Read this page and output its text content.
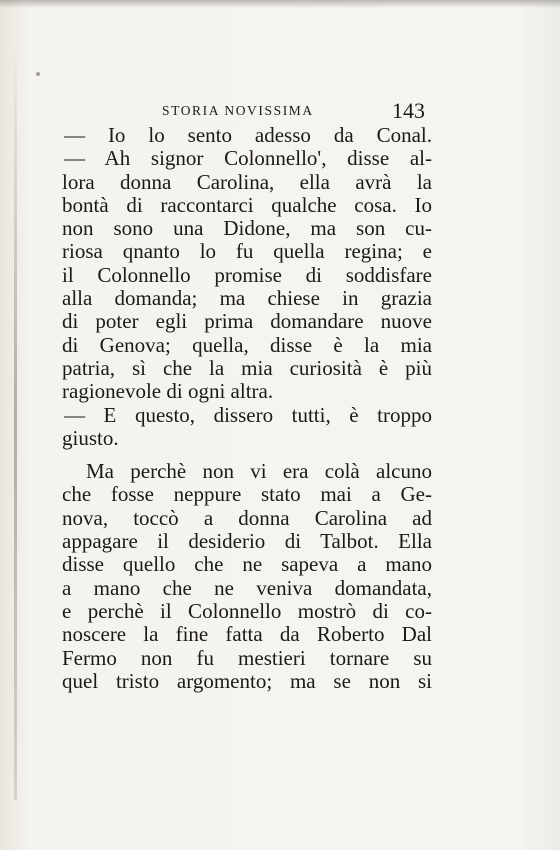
STORIA NOVISSIMA	143
— Io lo sento adesso da Conal.
— Ah signor Colonnello', disse al-
lora donna Carolina, ella avrà la
bontà di raccontarci qualche cosa. Io
non sono una Didone, ma son cu-
riosa qnanto lo fu quella regina; e
il Colonnello promise di soddisfare
alla domanda; ma chiese in grazia
di poter egli prima domandare nuove
di Genova; quella, disse è la mia
patria, sì che la mia curiosità è più
ragionevole di ogni altra.
— E questo, dissero tutti, è troppo
giusto.
Ma perchè non vi era colà alcuno
che fosse neppure stato mai a Ge-
nova, toccò a donna Carolina ad
appagare il desiderio di Talbot. Ella
disse quello che ne sapeva a mano
a mano che ne veniva domandata,
e perchè il Colonnello mostrò di co-
noscere la fine fatta da Roberto Dal
Fermo non fu mestieri tornare su
quel tristo argomento; ma se non si
